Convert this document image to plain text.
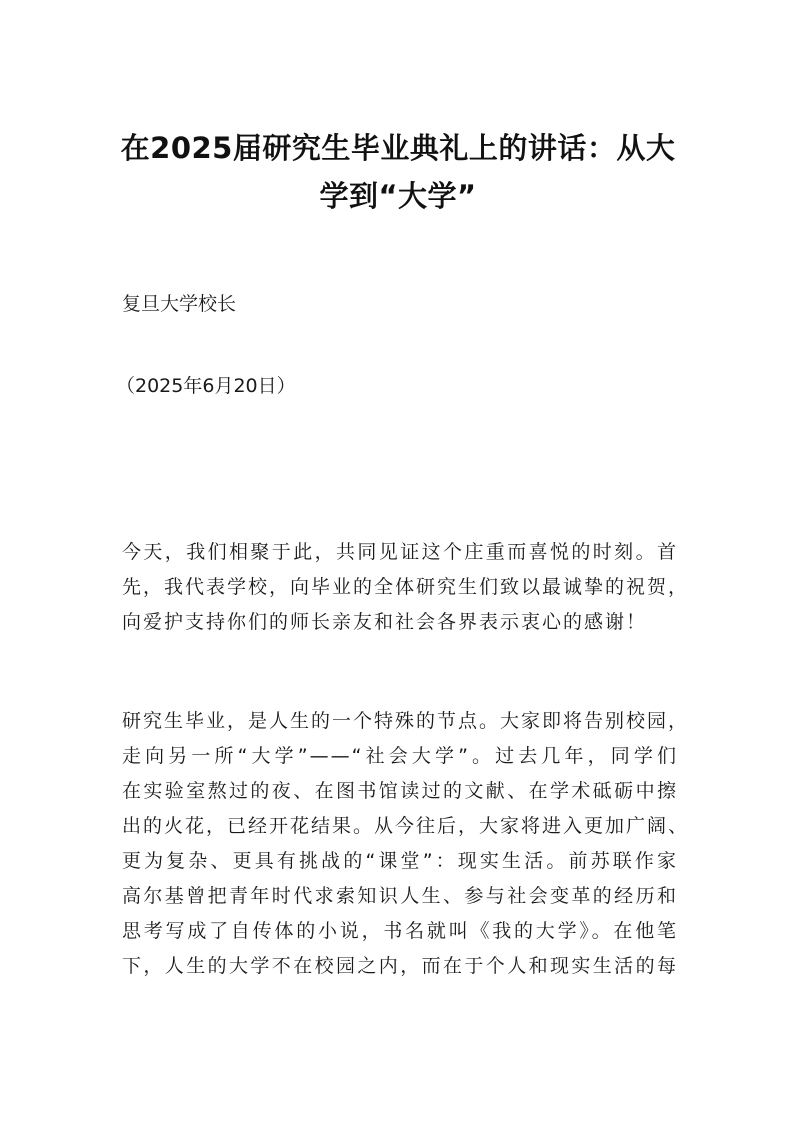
在2025届研究生毕业典礼上的讲话：从大
学到“大学”

复旦大学校长

（2025年6月20日）

今天，我们相聚于此，共同见证这个庄重而喜悦的时刻。首
先，我代表学校，向毕业的全体研究生们致以最诚挚的祝贺，
向爱护支持你们的师长亲友和社会各界表示衷心的感谢！
研究生毕业，是人生的一个特殊的节点。大家即将告别校园，
走向另一所“大学”——“社会大学”。过去几年，同学们
在实验室熬过的夜、在图书馆读过的文献、在学术砥砺中擦
出的火花，已经开花结果。从今往后，大家将进入更加广阔、
更为复杂、更具有挑战的“课堂”：现实生活。前苏联作家
高尔基曾把青年时代求索知识人生、参与社会变革的经历和
思考写成了自传体的小说，书名就叫《我的大学》。在他笔
下，人生的大学不在校园之内，而在于个人和现实生活的每
